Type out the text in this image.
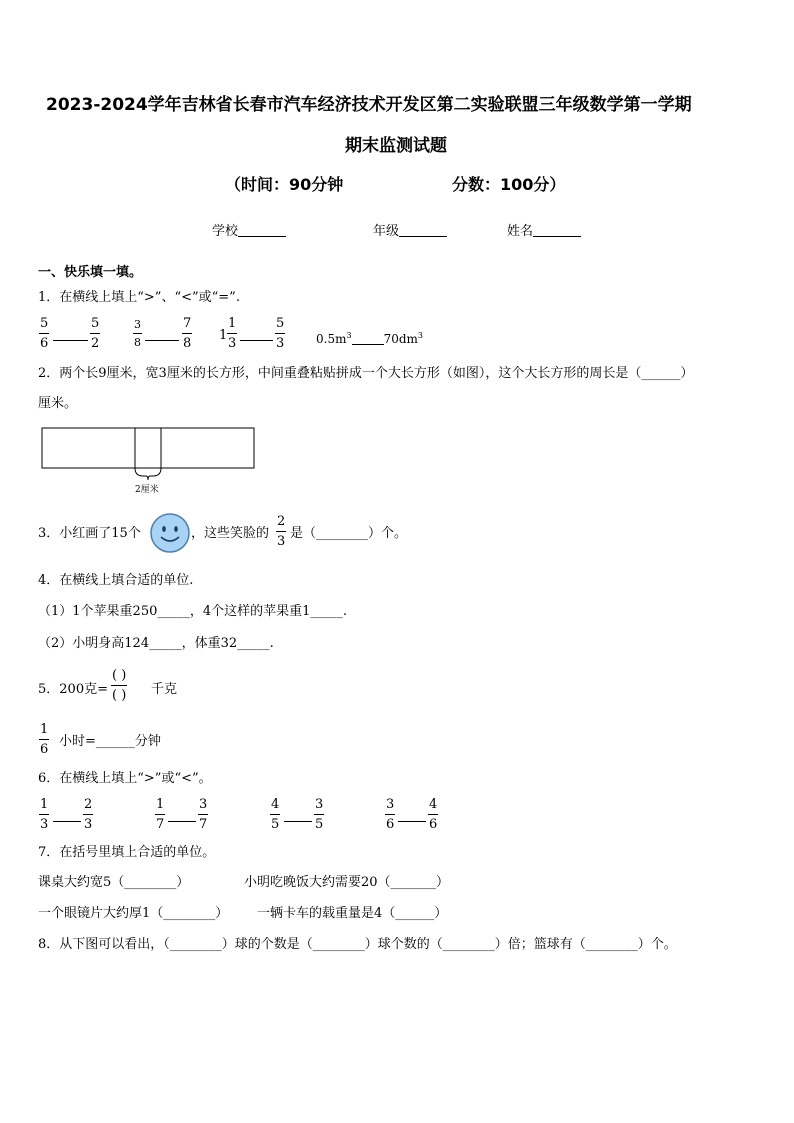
2023-2024学年吉林省长春市汽车经济技术开发区第二实验联盟三年级数学第一学期
期末监测试题
（时间：90分钟	分数：100分）
学校	年级	姓名
一、快乐填一填。
1．在横线上填上“>”、“<”或“=”.
5
6
5
2
3
8
7
8
1
1
3
5
3	$0.5m^3$	$70dm^3$
2．两个长9厘米，宽3厘米的长方形，中间重叠粘贴拼成一个大长方形（如图），这个大长方形的周长是（______）
厘米。
2厘米
3．小红画了15个	，这些笑脸的
2
3
是（________）个。
4．在横线上填合适的单位.
（1）1个苹果重250_____，4个这样的苹果重1_____.
（2）小明身高124_____，体重32_____.
5．200克=
( )
( ) 千克
1
6
小时=______分钟
6．在横线上填上“>”或“<”。
1
3
2
3
1
7
3
7
4
5
3
5
3
6
4
6
7．在括号里填上合适的单位。
课桌大约宽5（________）	小明吃晚饭大约需要20（_______）
一个眼镜片大约厚1（________） 一辆卡车的载重量是4（______）
8．从下图可以看出，（________）球的个数是（________）球个数的（________）倍；篮球有（________）个。
